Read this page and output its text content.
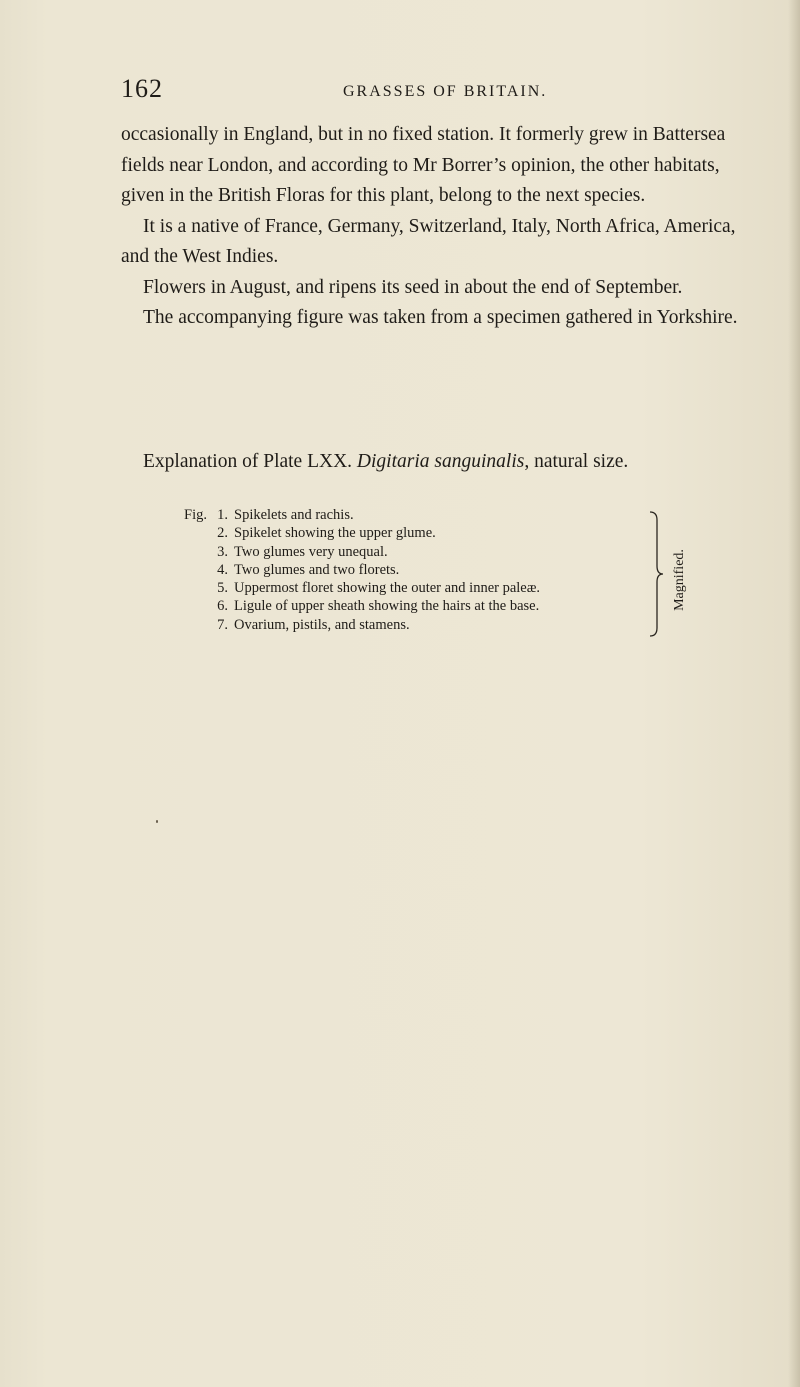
162	GRASSES OF BRITAIN.

occasionally in England, but in no fixed station. It formerly grew in Battersea fields near London, and according to Mr Borrer’s opinion, the other habitats, given in the British Floras for this plant, belong to the next species.

It is a native of France, Germany, Switzerland, Italy, North Africa, America, and the West Indies.

Flowers in August, and ripens its seed in about the end of September.

The accompanying figure was taken from a specimen gathered in Yorkshire.

Explanation of Plate LXX. Digitaria sanguinalis, natural size.
Fig. 1. Spikelets and rachis.
2. Spikelet showing the upper glume.
3. Two glumes very unequal.
4. Two glumes and two florets.
5. Uppermost floret showing the outer and inner paleæ.
6. Ligule of upper sheath showing the hairs at the base.
7. Ovarium, pistils, and stamens.
Magnified.
